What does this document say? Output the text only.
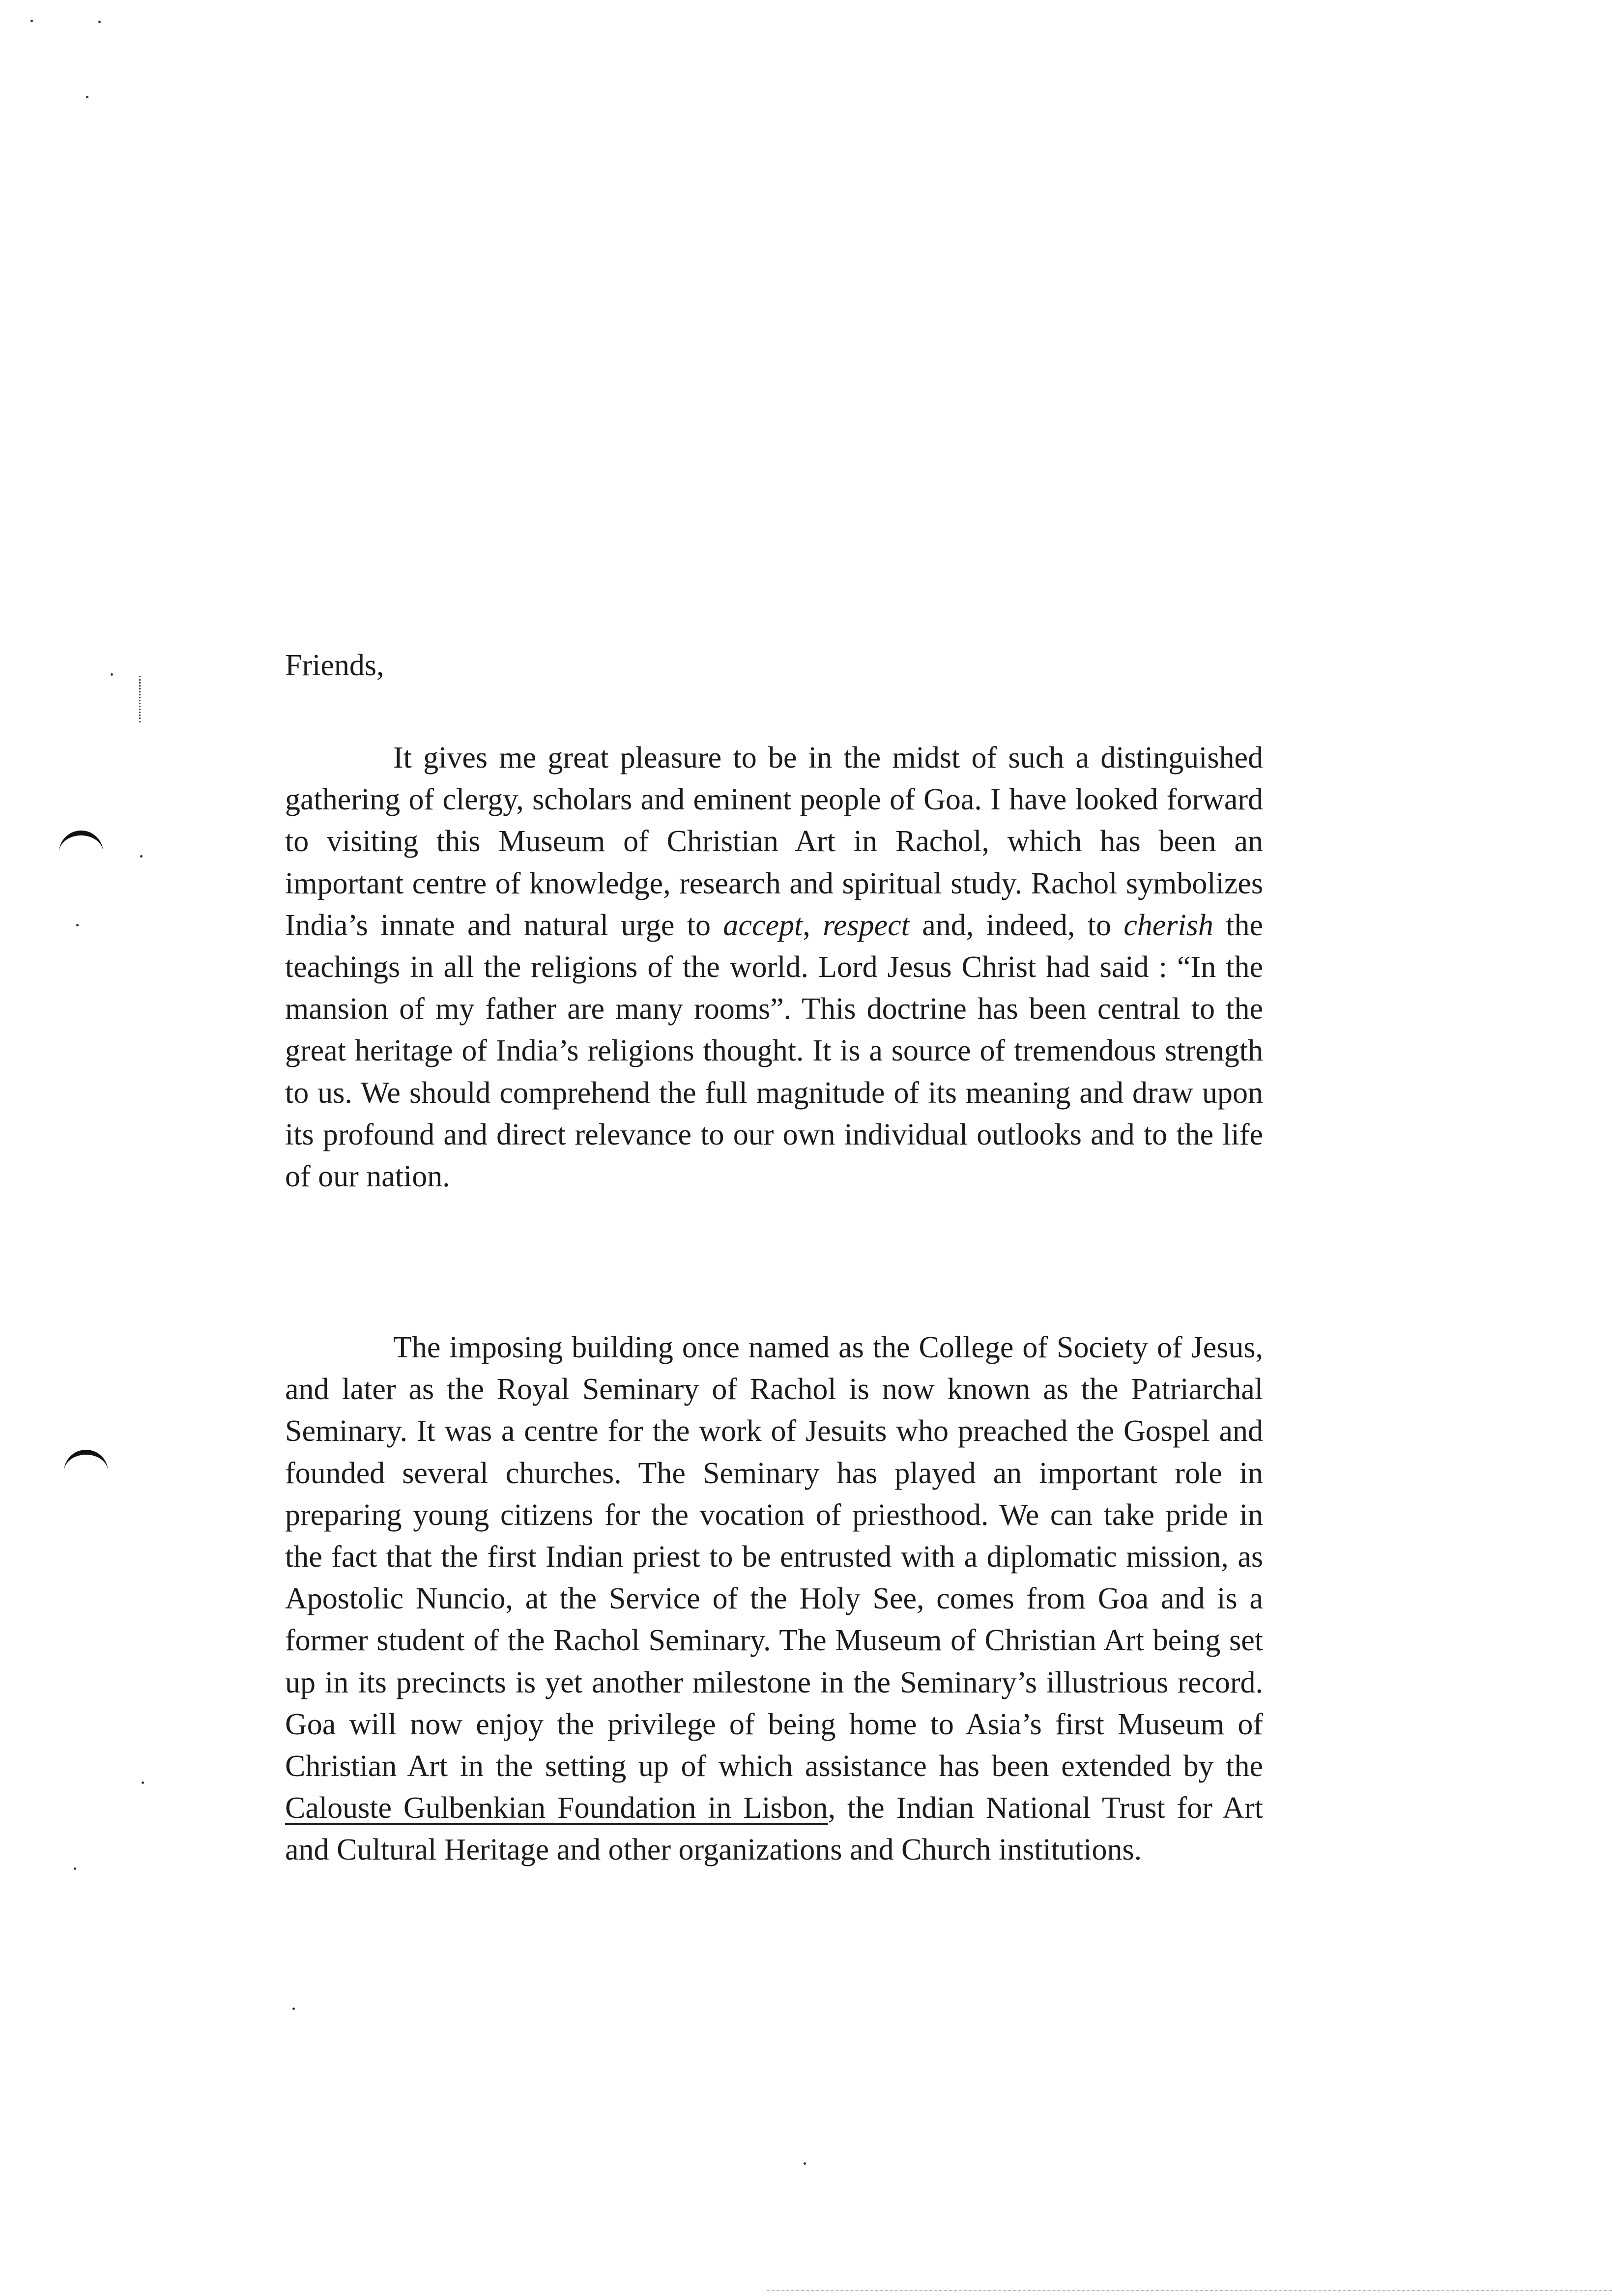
Friends,

It gives me great pleasure to be in the midst of such a distinguished gathering of clergy, scholars and eminent people of Goa. I have looked forward to visiting this Museum of Christian Art in Rachol, which has been an important centre of knowledge, research and spiritual study. Rachol symbolizes India’s innate and natural urge to accept, respect and, indeed, to cherish the teachings in all the religions of the world. Lord Jesus Christ had said : “In the mansion of my father are many rooms”. This doctrine has been central to the great heritage of India’s religions thought. It is a source of tremendous strength to us. We should comprehend the full magnitude of its meaning and draw upon its profound and direct relevance to our own individual outlooks and to the life of our nation.

The imposing building once named as the College of Society of Jesus, and later as the Royal Seminary of Rachol is now known as the Patriarchal Seminary. It was a centre for the work of Jesuits who preached the Gospel and founded several churches. The Seminary has played an important role in preparing young citizens for the vocation of priesthood. We can take pride in the fact that the first Indian priest to be entrusted with a diplomatic mission, as Apostolic Nuncio, at the Service of the Holy See, comes from Goa and is a former student of the Rachol Seminary. The Museum of Christian Art being set up in its precincts is yet another milestone in the Seminary’s illustrious record. Goa will now enjoy the privilege of being home to Asia’s first Museum of Christian Art in the setting up of which assistance has been extended by the Calouste Gulbenkian Foundation in Lisbon, the Indian National Trust for Art and Cultural Heritage and other organizations and Church institutions.
